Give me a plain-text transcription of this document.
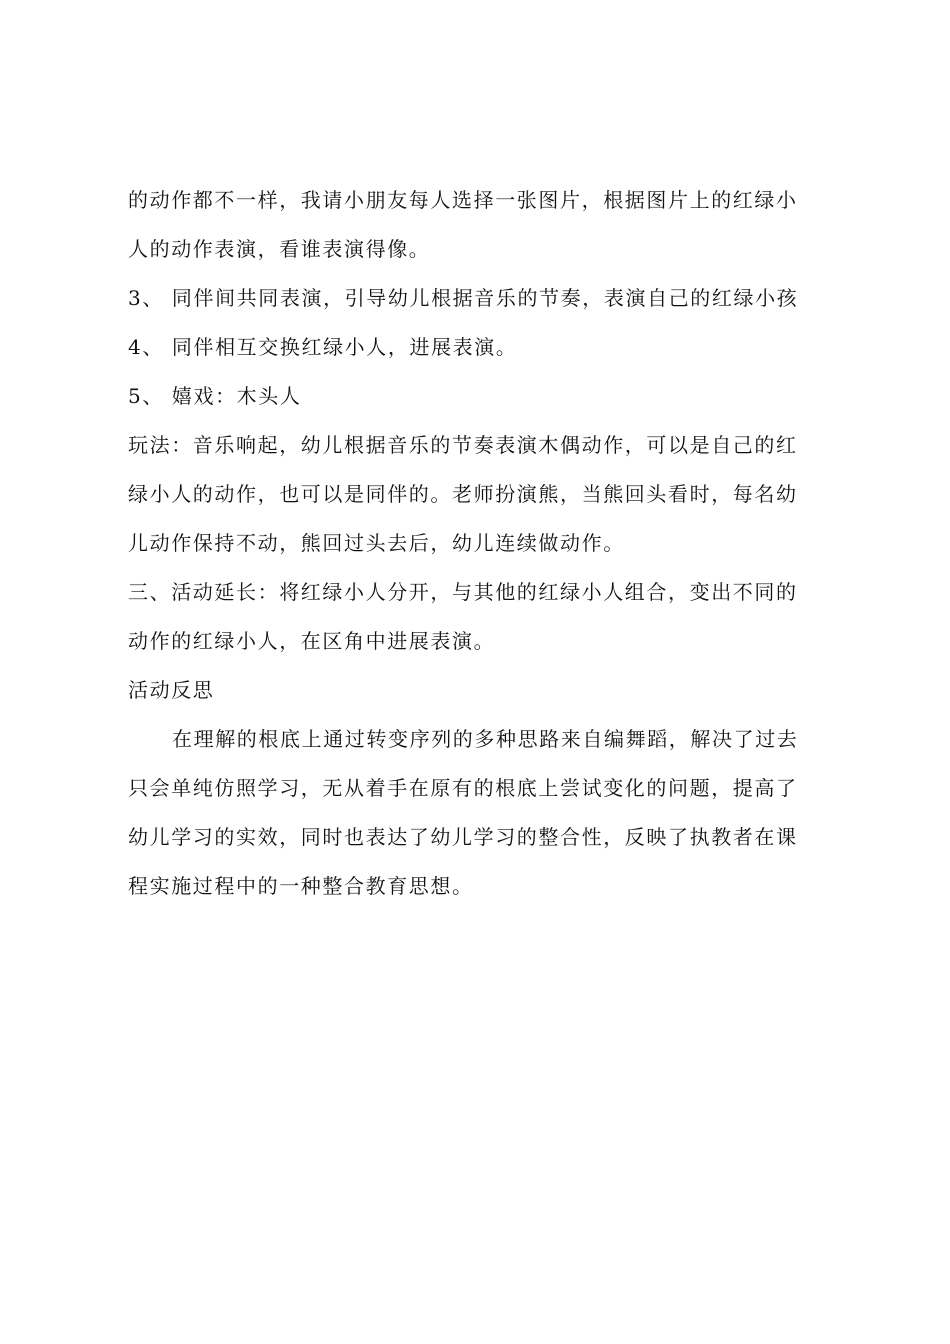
的动作都不一样，我请小朋友每人选择一张图片，根据图片上的红绿小

人的动作表演，看谁表演得像。

3、 同伴间共同表演，引导幼儿根据音乐的节奏，表演自己的红绿小孩

4、 同伴相互交换红绿小人，进展表演。

5、 嬉戏：木头人

玩法：音乐响起，幼儿根据音乐的节奏表演木偶动作，可以是自己的红

绿小人的动作，也可以是同伴的。老师扮演熊，当熊回头看时，每名幼

儿动作保持不动，熊回过头去后，幼儿连续做动作。

三、活动延长：将红绿小人分开，与其他的红绿小人组合，变出不同的

动作的红绿小人，在区角中进展表演。

活动反思

在理解的根底上通过转变序列的多种思路来自编舞蹈，解决了过去

只会单纯仿照学习，无从着手在原有的根底上尝试变化的问题，提高了

幼儿学习的实效，同时也表达了幼儿学习的整合性，反映了执教者在课

程实施过程中的一种整合教育思想。
